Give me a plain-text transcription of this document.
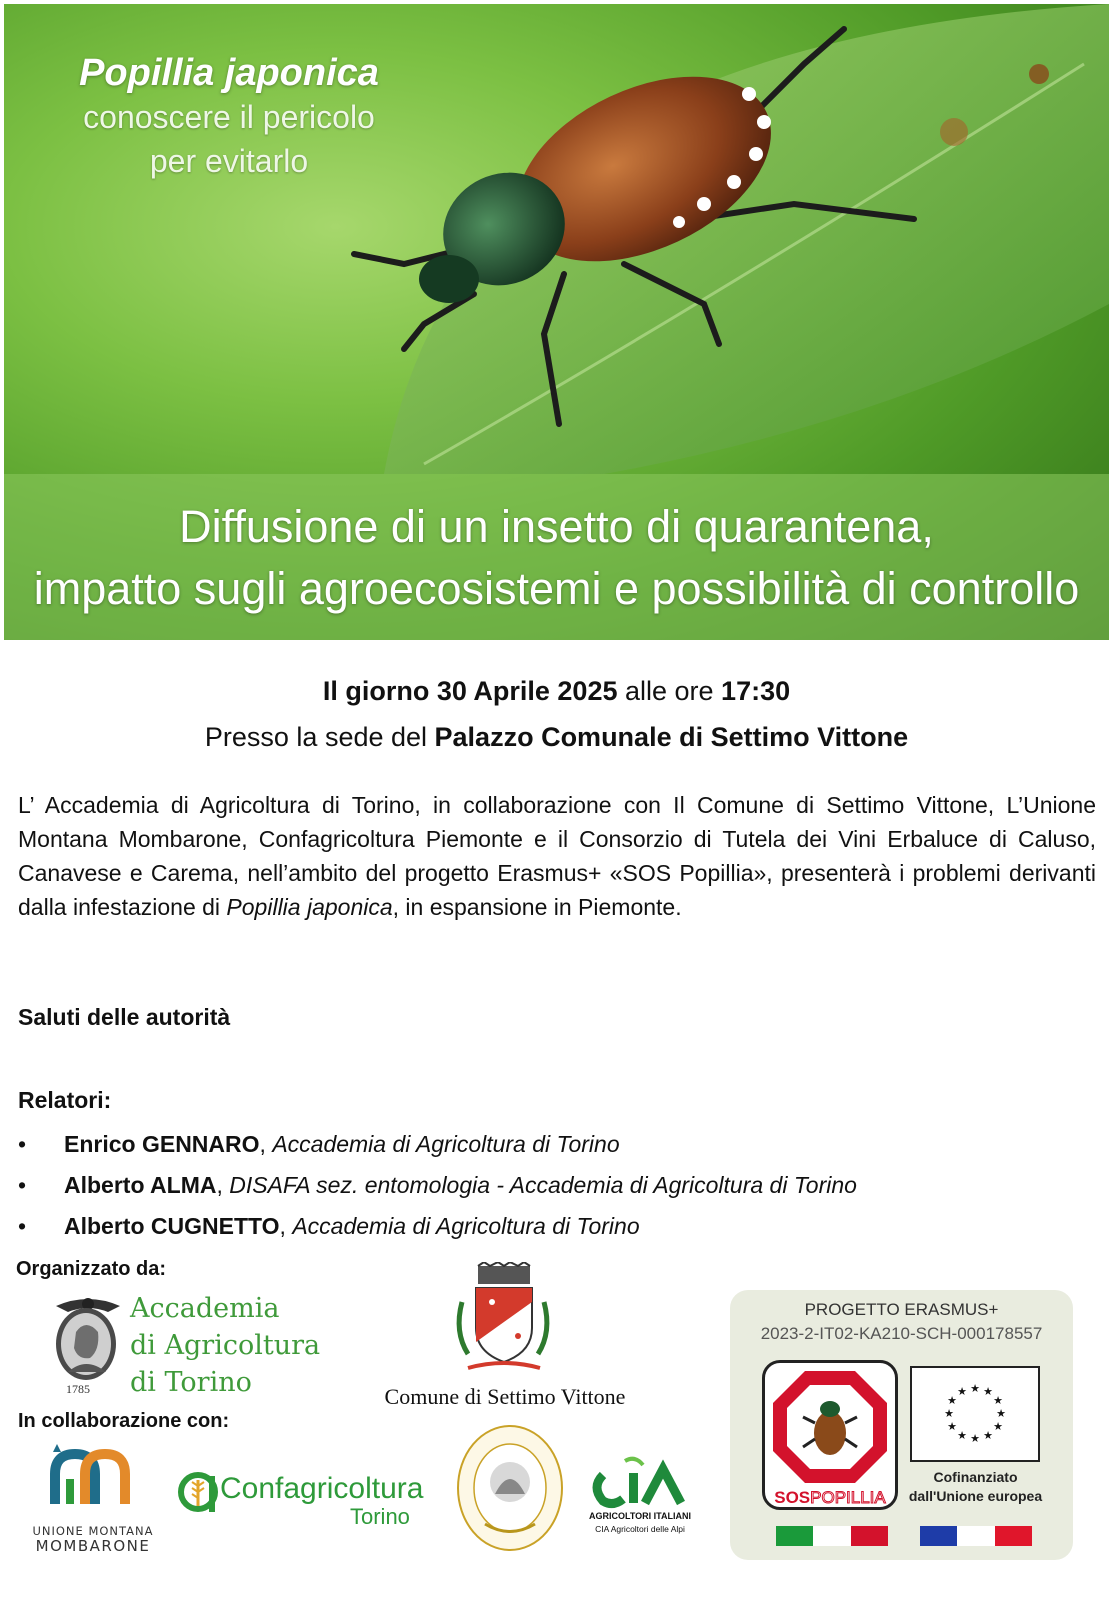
Popillia japonica
conoscere il pericolo
per evitarlo
Diffusione di un insetto di quarantena,
impatto sugli agroecosistemi e possibilità di controllo
Il giorno 30 Aprile 2025 alle ore 17:30
Presso la sede del Palazzo Comunale di Settimo Vittone

L’ Accademia di Agricoltura di Torino, in collaborazione con Il Comune di Settimo Vittone, L’Unione Montana Mombarone, Confagricoltura Piemonte e il Consorzio di Tutela dei Vini Erbaluce di Caluso, Canavese e Carema, nell’ambito del progetto Erasmus+ «SOS Popillia», presenterà i problemi derivanti dalla infestazione di Popillia japonica, in espansione in Piemonte.

Saluti delle autorità
Relatori:
• Enrico GENNARO, Accademia di Agricoltura di Torino
• Alberto ALMA, DISAFA sez. entomologia - Accademia di Agricoltura di Torino
• Alberto CUGNETTO, Accademia di Agricoltura di Torino
Organizzato da:
Accademia
di Agricoltura
di Torino
1785	Comune di Settimo Vittone
In collaborazione con:
UNIONE MONTANA
MOMBARONE
Confagricoltura
Torino	AGRICOLTORI ITALIANI
CIA Agricoltori delle Alpi
PROGETTO ERASMUS+
2023-2-IT02-KA210-SCH-000178557
SOSPOPILLIA
★ ★
★
★
★
★
★
★
★
★
★
★
Cofinanziato
dall'Unione europea
